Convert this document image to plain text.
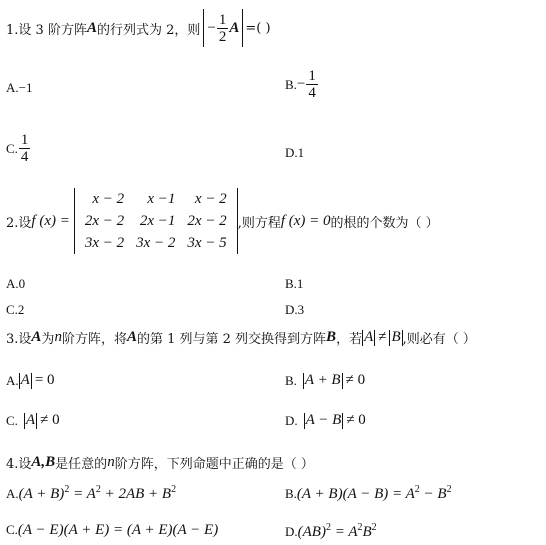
1.设 3 阶方阵 A 的行列式为 2，则 − $\frac{1}{2}$ A =( )
A.−1	B. − $\frac{1}{4}$
C. $\frac{1}{4}$	D.1
2.设 f (x) =
x − 2	x −1	x − 2
2x − 2	2x −1	2x − 2
3x − 2	3x − 2	3x − 5
,则方程 f (x) = 0 的根的个数为（ ）
A.0	B.1
C.2	D.3
3.设 A 为 n 阶方阵，将 A 的第 1 列与第 2 列交换得到方阵 B ，若 A ≠ B ,则必有（ ）
A. A = 0	B. A + B ≠ 0
C. A ≠ 0	D. A − B ≠ 0
4.设 A,B 是任意的 n 阶方阵，下列命题中正确的是（ ）
$A.(A + B)^2 = A^2 + 2AB + B^2$	$B.(A + B)(A - B) = A^2 - B^2$
C.(A − E)(A + E) = (A + E)(A − E)	$D.(AB)^2 = A^2B^2$
